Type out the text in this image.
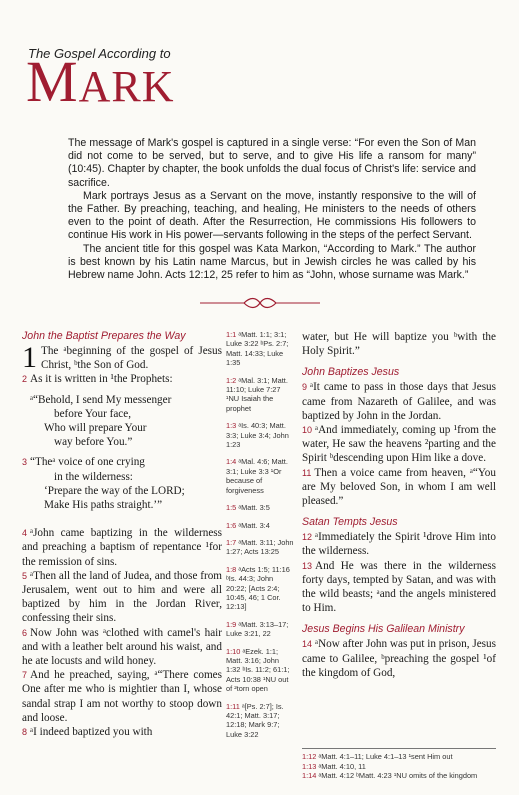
The Gospel According to
MARK

The message of Mark's gospel is captured in a single verse: “For even the Son of Man did not come to be served, but to serve, and to give His life a ransom for many” (10:45). Chapter by chapter, the book unfolds the dual focus of Christ's life: service and sacrifice.

Mark portrays Jesus as a Servant on the move, instantly responsive to the will of the Father. By preaching, teaching, and healing, He ministers to the needs of others even to the point of death. After the Resurrection, He commissions His followers to continue His work in His power—servants following in the steps of the perfect Servant.

The ancient title for this gospel was Kata Markon, “According to Mark.” The author is best known by his Latin name Marcus, but in Jewish circles he was called by his Hebrew name John. Acts 12:12, 25 refer to him as “John, whose surname was Mark.”

John the Baptist Prepares the Way

1 The ᵃbeginning of the gospel of Jesus Christ, ᵇthe Son of God.

2 As it is written in ¹the Prophets:

ᵃ“Behold, I send My messenger
before Your face,
Who will prepare Your
way before You.”
3 “Theᵃ voice of one crying
in the wilderness:
‘Prepare the way of the LORD;
Make His paths straight.’”

4 ᵃJohn came baptizing in the wilderness and preaching a baptism of repentance ¹for the remission of sins.

5 ᵃThen all the land of Judea, and those from Jerusalem, went out to him and were all baptized by him in the Jordan River, confessing their sins.

6 Now John was ᵃclothed with camel's hair and with a leather belt around his waist, and he ate locusts and wild honey.

7 And he preached, saying, ᵃ“There comes One after me who is mightier than I, whose sandal strap I am not worthy to stoop down and loose.

8 ᵃI indeed baptized you with

1:1 ᵃMatt. 1:1; 3:1; Luke 3:22 ᵇPs. 2:7; Matt. 14:33; Luke 1:35
1:2 ᵃMal. 3:1; Matt. 11:10; Luke 7:27 ¹NU Isaiah the prophet
1:3 ᵃIs. 40:3; Matt. 3:3; Luke 3:4; John 1:23
1:4 ᵃMal. 4:6; Matt. 3:1; Luke 3:3 ¹Or because of forgiveness
1:5 ᵃMatt. 3:5
1:6 ᵃMatt. 3:4
1:7 ᵃMatt. 3:11; John 1:27; Acts 13:25
1:8 ᵃActs 1:5; 11:16 ᵇIs. 44:3; John 20:22; [Acts 2:4; 10:45, 46; 1 Cor. 12:13]
1:9 ᵃMatt. 3:13–17; Luke 3:21, 22
1:10 ᵃEzek. 1:1; Matt. 3:16; John 1:32 ᵇIs. 11:2; 61:1; Acts 10:38 ¹NU out of ²torn open
1:11 ᵃ[Ps. 2:7]; Is. 42:1; Matt. 3:17; 12:18; Mark 9:7; Luke 3:22

water, but He will baptize you ᵇwith the Holy Spirit.”

John Baptizes Jesus

9 ᵃIt came to pass in those days that Jesus came from Nazareth of Galilee, and was baptized by John in the Jordan.

10 ᵃAnd immediately, coming up ¹from the water, He saw the heavens ²parting and the Spirit ᵇdescending upon Him like a dove.

11 Then a voice came from heaven, ᵃ“You are My beloved Son, in whom I am well pleased.”

Satan Tempts Jesus

12 ᵃImmediately the Spirit ¹drove Him into the wilderness.

13 And He was there in the wilderness forty days, tempted by Satan, and was with the wild beasts; ᵃand the angels ministered to Him.

Jesus Begins His Galilean Ministry

14 ᵃNow after John was put in prison, Jesus came to Galilee, ᵇpreaching the gospel ¹of the kingdom of God,

1:12 ᵃMatt. 4:1–11; Luke 4:1–13 ¹sent Him out
1:13 ᵃMatt. 4:10, 11
1:14 ᵃMatt. 4:12 ᵇMatt. 4:23 ¹NU omits of the kingdom
